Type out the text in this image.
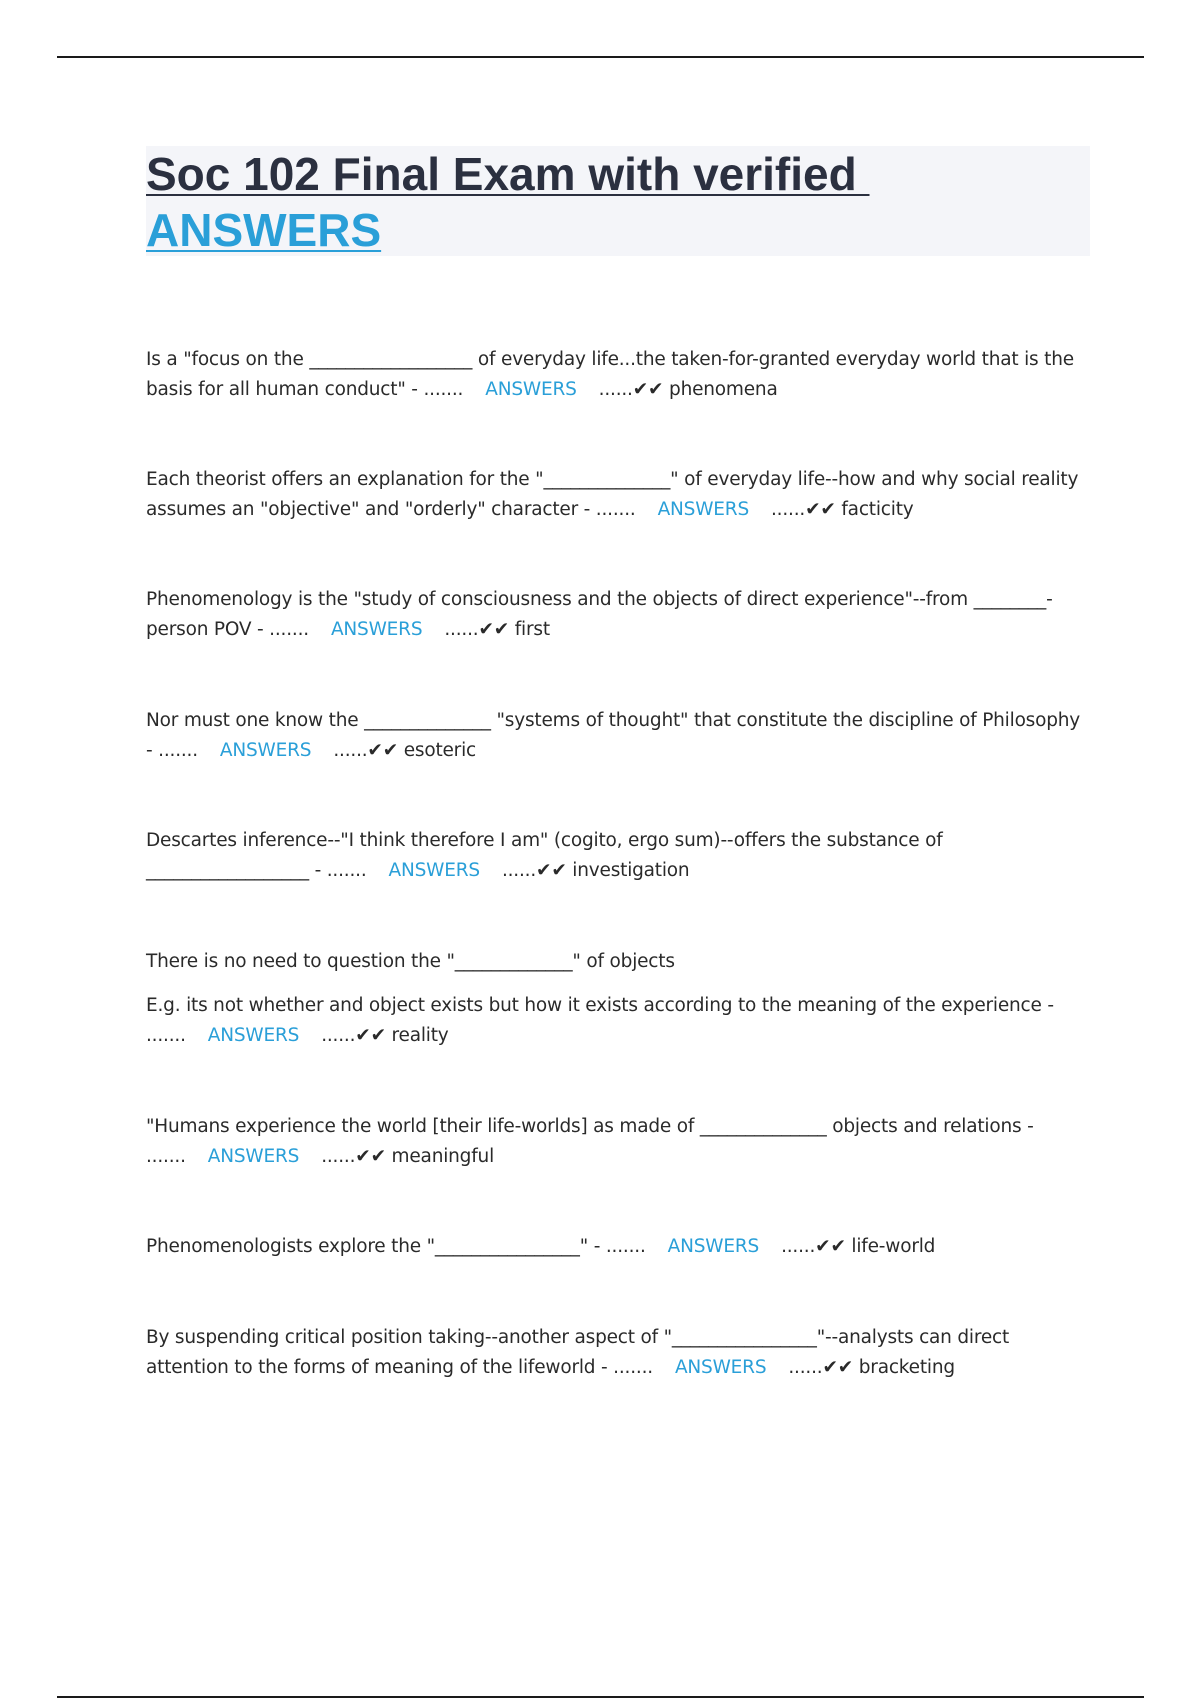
Soc 102 Final Exam with verified
ANSWERS
Is a "focus on the __________________ of everyday life...the taken-for-granted everyday world that is the basis for all human conduct" - ....... ANSWERS ......✔✔ phenomena
Each theorist offers an explanation for the "______________" of everyday life--how and why social reality assumes an "objective" and "orderly" character - ....... ANSWERS ......✔✔ facticity
Phenomenology is the "study of consciousness and the objects of direct experience"--from ________-person POV - ....... ANSWERS ......✔✔ first
Nor must one know the ______________ "systems of thought" that constitute the discipline of Philosophy - ....... ANSWERS ......✔✔ esoteric
Descartes inference--"I think therefore I am" (cogito, ergo sum)--offers the substance of __________________ - ....... ANSWERS ......✔✔ investigation
There is no need to question the "_____________" of objects
E.g. its not whether and object exists but how it exists according to the meaning of the experience - ....... ANSWERS ......✔✔ reality
"Humans experience the world [their life-worlds] as made of ______________ objects and relations - ....... ANSWERS ......✔✔ meaningful
Phenomenologists explore the "________________" - ....... ANSWERS ......✔✔ life-world
By suspending critical position taking--another aspect of "________________"--analysts can direct attention to the forms of meaning of the lifeworld - ....... ANSWERS ......✔✔ bracketing
